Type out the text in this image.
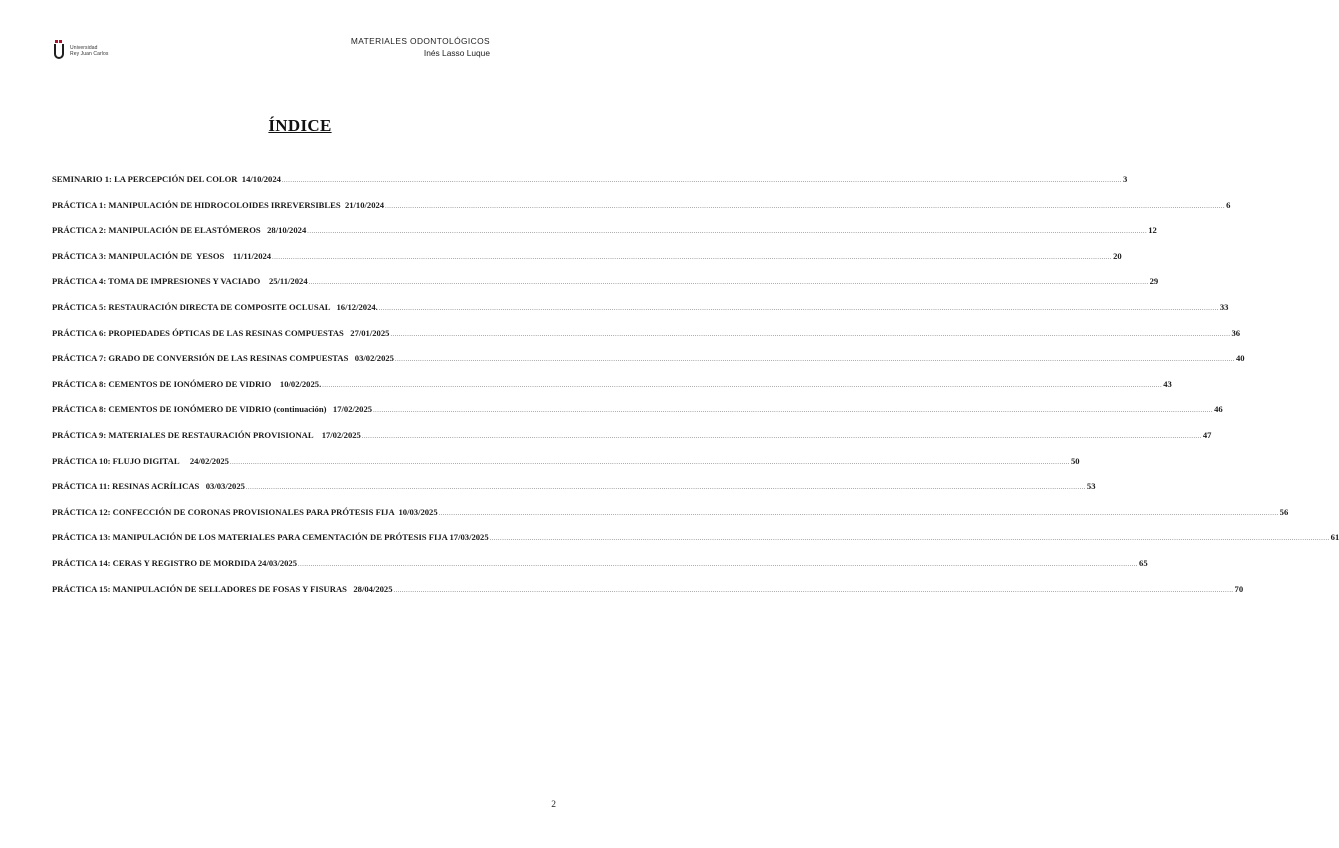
Universidad
Rey Juan Carlos
MATERIALES ODONTOLÓGICOS
Inés Lasso Luque
ÍNDICE
SEMINARIO 1: LA PERCEPCIÓN DEL COLOR  14/10/2024 ................................................................................................................................................................................................................................................................................................................................................................................................................ 3
PRÁCTICA 1: MANIPULACIÓN DE HIDROCOLOIDES IRREVERSIBLES  21/10/2024 ................................................................................................................................................................................................................................................................................................................................................................................................................ 6
PRÁCTICA 2: MANIPULACIÓN DE ELASTÓMEROS   28/10/2024 ................................................................................................................................................................................................................................................................................................................................................................................................................ 12
PRÁCTICA 3: MANIPULACIÓN DE  YESOS    11/11/2024 ................................................................................................................................................................................................................................................................................................................................................................................................................ 20
PRÁCTICA 4: TOMA DE IMPRESIONES Y VACIADO    25/11/2024 ................................................................................................................................................................................................................................................................................................................................................................................................................ 29
PRÁCTICA 5: RESTAURACIÓN DIRECTA DE COMPOSITE OCLUSAL   16/12/2024. ................................................................................................................................................................................................................................................................................................................................................................................................................ 33
PRÁCTICA 6: PROPIEDADES ÓPTICAS DE LAS RESINAS COMPUESTAS   27/01/2025 ................................................................................................................................................................................................................................................................................................................................................................................................................ 36
PRÁCTICA 7: GRADO DE CONVERSIÓN DE LAS RESINAS COMPUESTAS   03/02/2025 ................................................................................................................................................................................................................................................................................................................................................................................................................ 40
PRÁCTICA 8: CEMENTOS DE IONÓMERO DE VIDRIO    10/02/2025. ................................................................................................................................................................................................................................................................................................................................................................................................................ 43
PRÁCTICA 8: CEMENTOS DE IONÓMERO DE VIDRIO (continuación)   17/02/2025 ................................................................................................................................................................................................................................................................................................................................................................................................................ 46
PRÁCTICA 9: MATERIALES DE RESTAURACIÓN PROVISIONAL    17/02/2025 ................................................................................................................................................................................................................................................................................................................................................................................................................ 47
PRÁCTICA 10: FLUJO DIGITAL     24/02/2025 ................................................................................................................................................................................................................................................................................................................................................................................................................ 50
PRÁCTICA 11: RESINAS ACRÍLICAS   03/03/2025 ................................................................................................................................................................................................................................................................................................................................................................................................................ 53
PRÁCTICA 12: CONFECCIÓN DE CORONAS PROVISIONALES PARA PRÓTESIS FIJA  10/03/2025 ................................................................................................................................................................................................................................................................................................................................................................................................................ 56
PRÁCTICA 13: MANIPULACIÓN DE LOS MATERIALES PARA CEMENTACIÓN DE PRÓTESIS FIJA 17/03/2025 ................................................................................................................................................................................................................................................................................................................................................................................................................ 61
PRÁCTICA 14: CERAS Y REGISTRO DE MORDIDA 24/03/2025 ................................................................................................................................................................................................................................................................................................................................................................................................................ 65
PRÁCTICA 15: MANIPULACIÓN DE SELLADORES DE FOSAS Y FISURAS   28/04/2025 ................................................................................................................................................................................................................................................................................................................................................................................................................ 70
2
